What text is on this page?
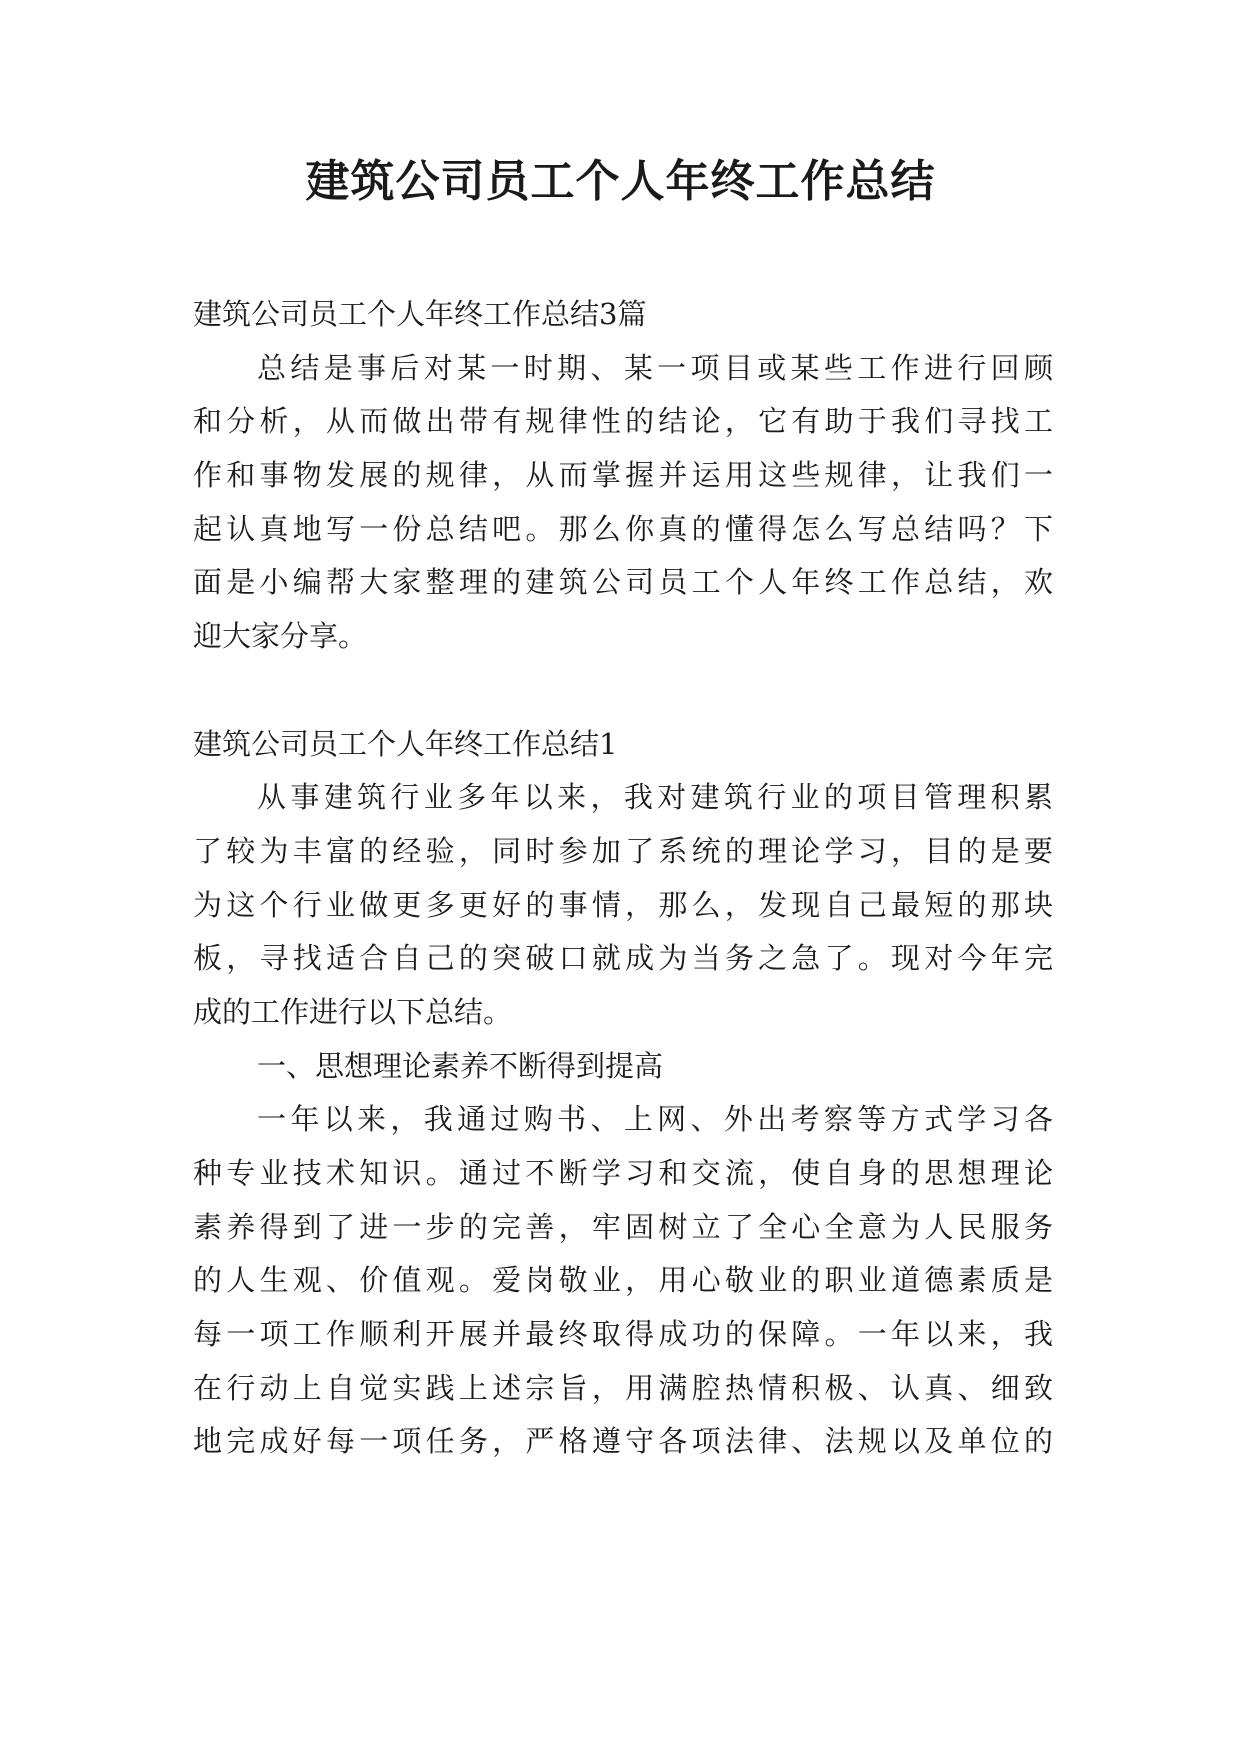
建筑公司员工个人年终工作总结
建筑公司员工个人年终工作总结3篇
总结是事后对某一时期、某一项目或某些工作进行回顾
和分析，从而做出带有规律性的结论，它有助于我们寻找工
作和事物发展的规律，从而掌握并运用这些规律，让我们一
起认真地写一份总结吧。那么你真的懂得怎么写总结吗？下
面是小编帮大家整理的建筑公司员工个人年终工作总结，欢
迎大家分享。
建筑公司员工个人年终工作总结1
从事建筑行业多年以来，我对建筑行业的项目管理积累
了较为丰富的经验，同时参加了系统的理论学习，目的是要
为这个行业做更多更好的事情，那么，发现自己最短的那块
板，寻找适合自己的突破口就成为当务之急了。现对今年完
成的工作进行以下总结。
一、思想理论素养不断得到提高
一年以来，我通过购书、上网、外出考察等方式学习各
种专业技术知识。通过不断学习和交流，使自身的思想理论
素养得到了进一步的完善，牢固树立了全心全意为人民服务
的人生观、价值观。爱岗敬业，用心敬业的职业道德素质是
每一项工作顺利开展并最终取得成功的保障。一年以来，我
在行动上自觉实践上述宗旨，用满腔热情积极、认真、细致
地完成好每一项任务，严格遵守各项法律、法规以及单位的
